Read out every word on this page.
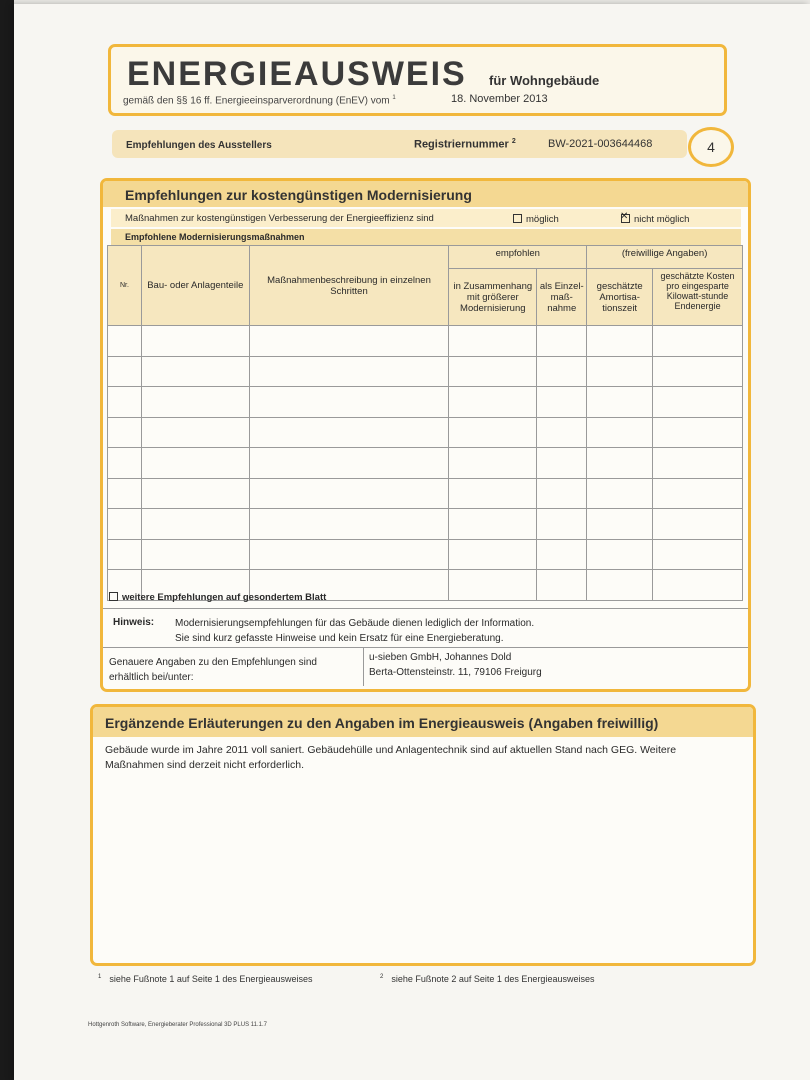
ENERGIEAUSWEIS für Wohngebäude
gemäß den §§ 16 ff. Energieeinsparverordnung (EnEV) vom $^1$	18. November 2013
Empfehlungen des Ausstellers	Registriernummer $^2$	BW-2021-003644468	4
Empfehlungen zur kostengünstigen Modernisierung
Maßnahmen zur kostengünstigen Verbesserung der Energieeffizienz sind	möglich ✕	nicht möglich
Empfohlene Modernisierungsmaßnahmen
Nr.	Bau- oder Anlagenteile	Maßnahmenbeschreibung in einzelnen Schritten	empfohlen		(freiwillige Angaben)	
			in Zusammenhang mit größerer Modernisierung	als Einzel-maß-nahme	geschätzte Amortisa-tionszeit	geschätzte Kosten pro eingesparte Kilowatt-stunde Endenergie

weitere Empfehlungen auf gesondertem Blatt
Hinweis: Modernisierungsempfehlungen für das Gebäude dienen lediglich der Information.
Sie sind kurz gefasste Hinweise und kein Ersatz für eine Energieberatung.
Genauere Angaben zu den Empfehlungen sind
erhältlich bei/unter:
u-sieben GmbH, Johannes Dold
Berta-Ottensteinstr. 11, 79106 Freigurg
Ergänzende Erläuterungen zu den Angaben im Energieausweis (Angaben freiwillig)
Gebäude wurde im Jahre 2011 voll saniert. Gebäudehülle und Anlagentechnik sind auf aktuellen Stand nach GEG. Weitere Maßnahmen sind derzeit nicht erforderlich.
$^1$ siehe Fußnote 1 auf Seite 1 des Energieausweises	$^2$ siehe Fußnote 2 auf Seite 1 des Energieausweises
Hottgenroth Software, Energieberater Professional 3D PLUS 11.1.7
